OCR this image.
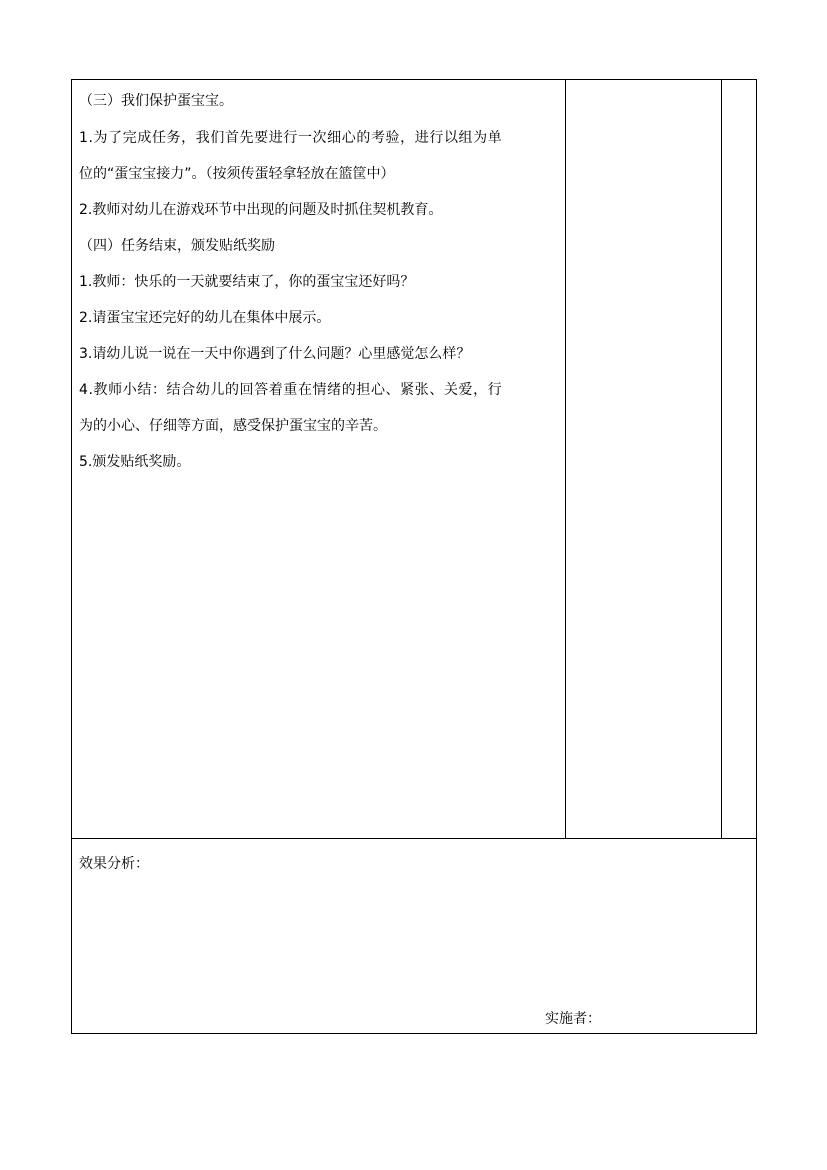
（三）我们保护蛋宝宝。
1.为了完成任务，我们首先要进行一次细心的考验，进行以组为单
位的“蛋宝宝接力”。（按须传蛋轻拿轻放在篮筐中）
2.教师对幼儿在游戏环节中出现的问题及时抓住契机教育。
（四）任务结束，颁发贴纸奖励
1.教师：快乐的一天就要结束了，你的蛋宝宝还好吗？
2.请蛋宝宝还完好的幼儿在集体中展示。
3.请幼儿说一说在一天中你遇到了什么问题？心里感觉怎么样？
4.教师小结：结合幼儿的回答着重在情绪的担心、紧张、关爱，行
为的小心、仔细等方面，感受保护蛋宝宝的辛苦。
5.颁发贴纸奖励。
效果分析：
实施者：
